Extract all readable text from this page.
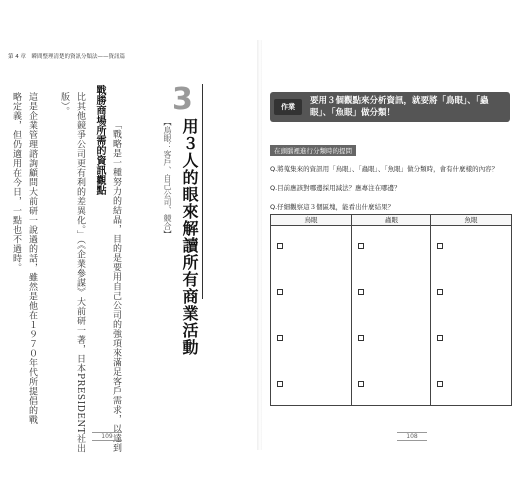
第 4 章　瞬間整理清楚的資訊分類法——資訊篇
略定義，但仍適用在今日，一點也不過時。 這是企業管理諮詢顧問大前研一說過的話，雖然是他在１９７０年代所提倡的戰 版）。 比其他競爭公司更有利的差異化。」（《企業參謀》大前研一著，日本PRESIDENT社出	「戰略是一種努力的結晶，目的是要用自己公司的強項來滿足客戶需求，以達到
戰勝商場所需的資訊觀點	【鳥眼：客戶、自己公司、競合】 用３人的眼來解讀所有商業活動
3
109
作業
要用３個觀點來分析資訊，就要將「鳥眼」、「蟲眼」、「魚眼」做分類！
在頭腦裡進行分類時的提問
Q.將蒐集來的資訊用「鳥眼」、「蟲眼」、「魚眼」做分類時，會有什麼樣的內容？
Q.目前應該對哪邊採用減法？應專注在哪邊？
Q.仔細觀察這３個區塊，能看出什麼結果？
鳥眼	蟲眼	魚眼
108
